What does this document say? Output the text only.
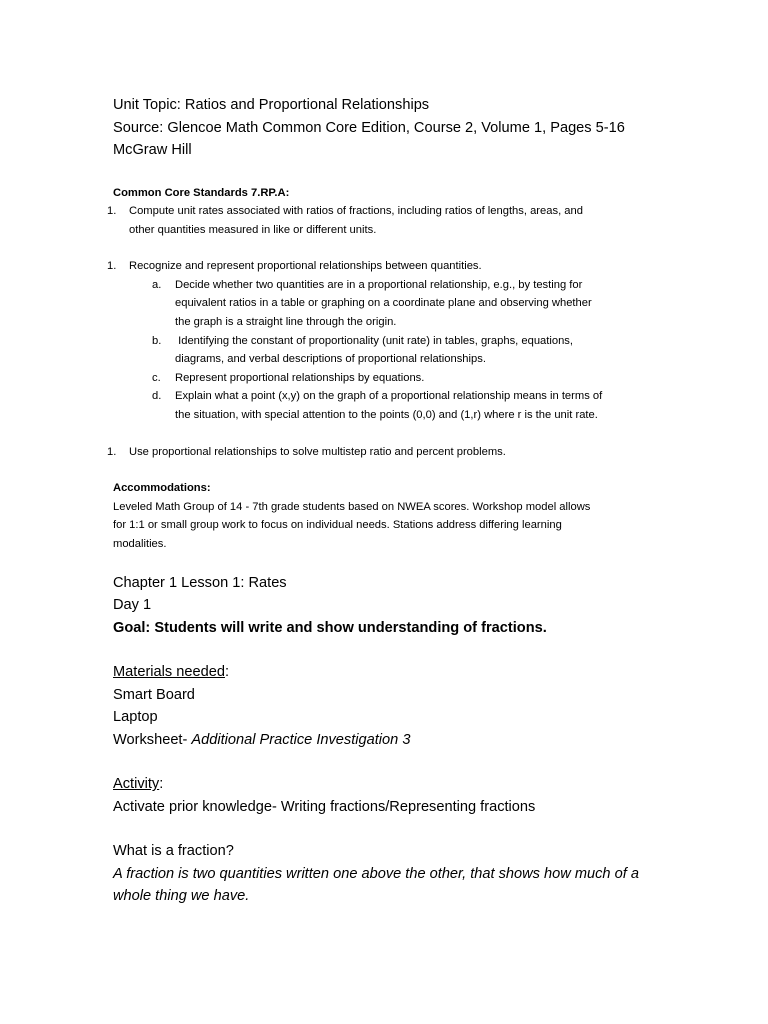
Unit Topic: Ratios and Proportional Relationships

Source: Glencoe Math Common Core Edition, Course 2, Volume 1, Pages 5-16

McGraw Hill

Common Core Standards 7.RP.A:

1. Compute unit rates associated with ratios of fractions, including ratios of lengths, areas, and
other quantities measured in like or different units.
1. Recognize and represent proportional relationships between quantities.
a. Decide whether two quantities are in a proportional relationship, e.g., by testing for
equivalent ratios in a table or graphing on a coordinate plane and observing whether
the graph is a straight line through the origin.
b. Identifying the constant of proportionality (unit rate) in tables, graphs, equations,
diagrams, and verbal descriptions of proportional relationships.
c. Represent proportional relationships by equations.
d. Explain what a point (x,y) on the graph of a proportional relationship means in terms of
the situation, with special attention to the points (0,0) and (1,r) where r is the unit rate.
1. Use proportional relationships to solve multistep ratio and percent problems.

Accommodations:

Leveled Math Group of 14 - 7th grade students based on NWEA scores. Workshop model allows

for 1:1 or small group work to focus on individual needs. Stations address differing learning

modalities.

Chapter 1 Lesson 1: Rates

Day 1

Goal: Students will write and show understanding of fractions.

Materials needed:

Smart Board

Laptop

Worksheet- Additional Practice Investigation 3

Activity:

Activate prior knowledge- Writing fractions/Representing fractions

What is a fraction?

A fraction is two quantities written one above the other, that shows how much of a

whole thing we have.
